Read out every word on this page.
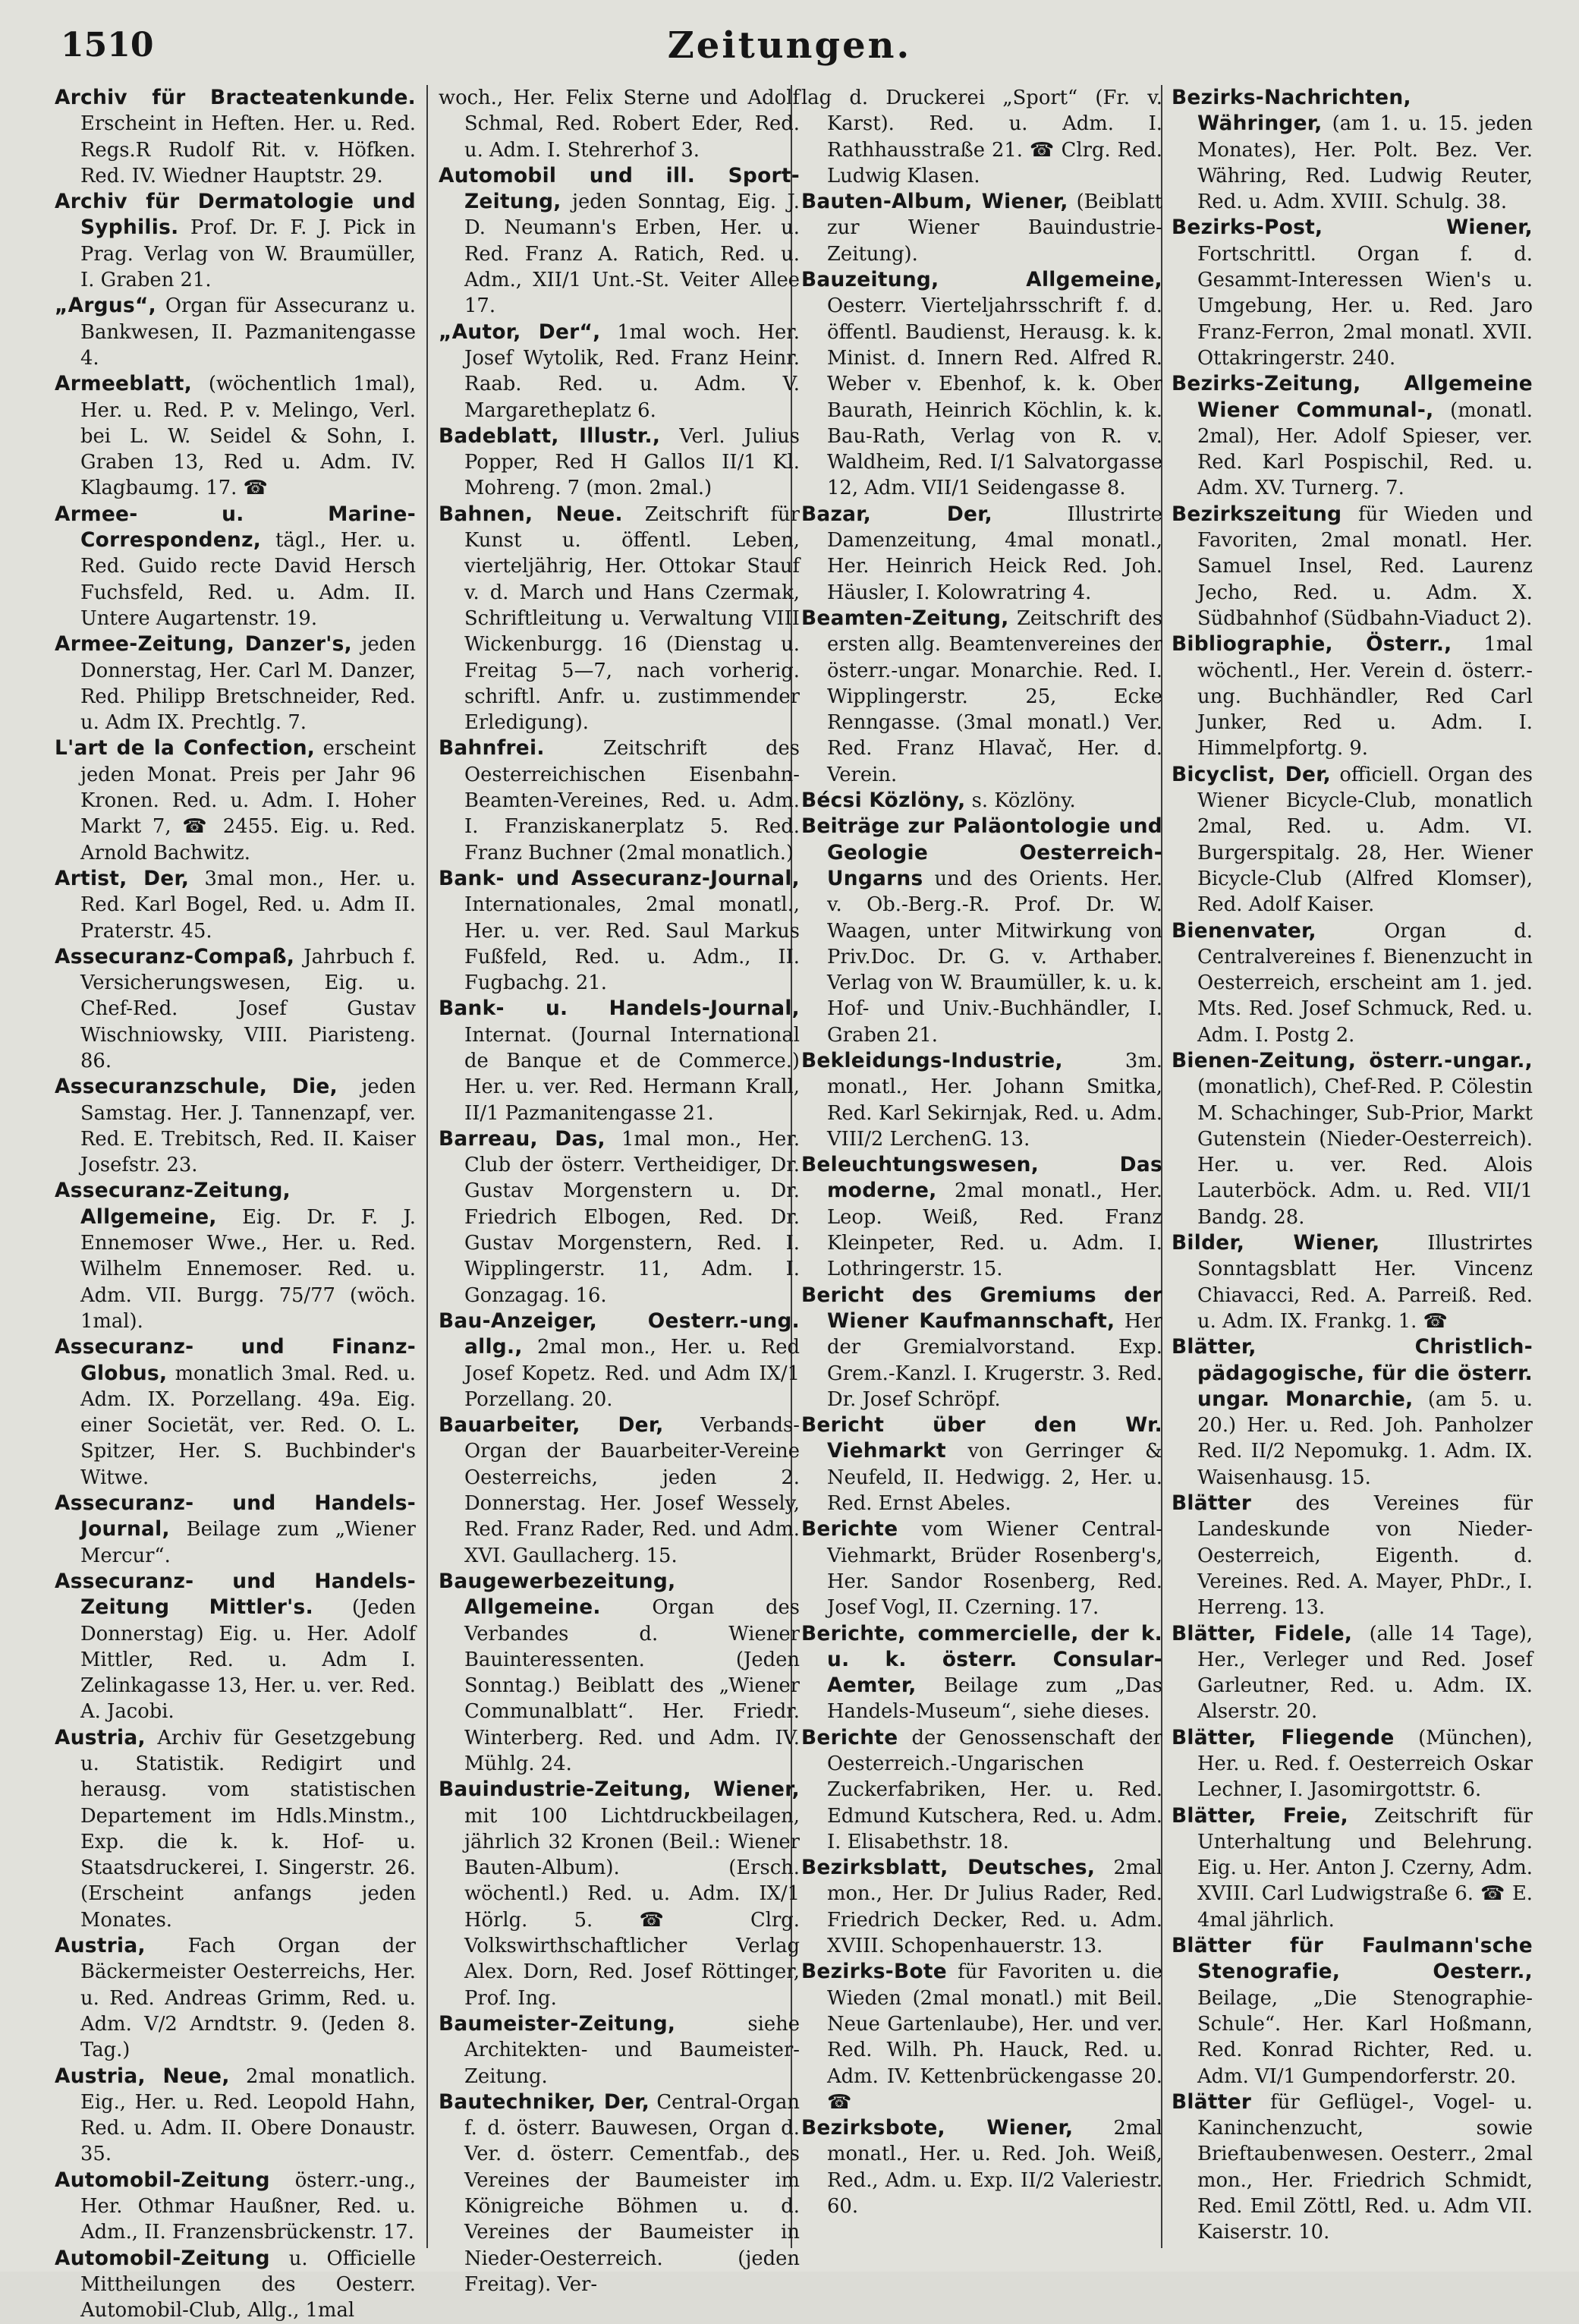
1510	Zeitungen.
Archiv für Bracteatenkunde. Erscheint in Heften. Her. u. Red. Regs.R Rudolf Rit. v. Höfken. Red. IV. Wiedner Hauptstr. 29.
Archiv für Dermatologie und Syphilis. Prof. Dr. F. J. Pick in Prag. Verlag von W. Braumüller, I. Graben 21.
„Argus“, Organ für Assecuranz u. Bankwesen, II. Pazmanitengasse 4.
Armeeblatt, (wöchentlich 1mal), Her. u. Red. P. v. Melingo, Verl. bei L. W. Seidel & Sohn, I. Graben 13, Red u. Adm. IV. Klagbaumg. 17. ☎
Armee- u. Marine-Correspondenz, tägl., Her. u. Red. Guido recte David Hersch Fuchsfeld, Red. u. Adm. II. Untere Augartenstr. 19.
Armee-Zeitung, Danzer's, jeden Donnerstag, Her. Carl M. Danzer, Red. Philipp Bretschneider, Red. u. Adm IX. Prechtlg. 7.
L'art de la Confection, erscheint jeden Monat. Preis per Jahr 96 Kronen. Red. u. Adm. I. Hoher Markt 7, ☎ 2455. Eig. u. Red. Arnold Bachwitz.
Artist, Der, 3mal mon., Her. u. Red. Karl Bogel, Red. u. Adm II. Praterstr. 45.
Assecuranz-Compaß, Jahrbuch f. Versicherungswesen, Eig. u. Chef-Red. Josef Gustav Wischniowsky, VIII. Piaristeng. 86.
Assecuranzschule, Die, jeden Samstag. Her. J. Tannenzapf, ver. Red. E. Trebitsch, Red. II. Kaiser Josefstr. 23.
Assecuranz-Zeitung, Allgemeine, Eig. Dr. F. J. Ennemoser Wwe., Her. u. Red. Wilhelm Ennemoser. Red. u. Adm. VII. Burgg. 75/77 (wöch. 1mal).
Assecuranz- und Finanz-Globus, monatlich 3mal. Red. u. Adm. IX. Porzellang. 49a. Eig. einer Societät, ver. Red. O. L. Spitzer, Her. S. Buchbinder's Witwe.
Assecuranz- und Handels-Journal, Beilage zum „Wiener Mercur“.
Assecuranz- und Handels-Zeitung Mittler's. (Jeden Donnerstag) Eig. u. Her. Adolf Mittler, Red. u. Adm I. Zelinkagasse 13, Her. u. ver. Red. A. Jacobi.
Austria, Archiv für Gesetzgebung u. Statistik. Redigirt und herausg. vom statistischen Departement im Hdls.Minstm., Exp. die k. k. Hof- u. Staatsdruckerei, I. Singerstr. 26. (Erscheint anfangs jeden Monates.
Austria, Fach Organ der Bäckermeister Oesterreichs, Her. u. Red. Andreas Grimm, Red. u. Adm. V/2 Arndtstr. 9. (Jeden 8. Tag.)
Austria, Neue, 2mal monatlich. Eig., Her. u. Red. Leopold Hahn, Red. u. Adm. II. Obere Donaustr. 35.
Automobil-Zeitung österr.-ung., Her. Othmar Haußner, Red. u. Adm., II. Franzensbrückenstr. 17.
Automobil-Zeitung u. Officielle Mittheilungen des Oesterr. Automobil-Club, Allg., 1mal
woch., Her. Felix Sterne und Adolf Schmal, Red. Robert Eder, Red. u. Adm. I. Stehrerhof 3.
Automobil und ill. Sport-Zeitung, jeden Sonntag, Eig. J. D. Neumann's Erben, Her. u. Red. Franz A. Ratich, Red. u. Adm., XII/1 Unt.-St. Veiter Allee 17.
„Autor, Der“, 1mal woch. Her. Josef Wytolik, Red. Franz Heinr. Raab. Red. u. Adm. V. Margaretheplatz 6.
Badeblatt, Illustr., Verl. Julius Popper, Red H Gallos II/1 Kl. Mohreng. 7 (mon. 2mal.)
Bahnen, Neue. Zeitschrift für Kunst u. öffentl. Leben, vierteljährig, Her. Ottokar Stauf v. d. March und Hans Czermak, Schriftleitung u. Verwaltung VIII Wickenburgg. 16 (Dienstag u. Freitag 5—7, nach vorherig. schriftl. Anfr. u. zustimmender Erledigung).
Bahnfrei.	Zeitschrift des Oesterreichischen Eisenbahn-Beamten-Vereines, Red. u. Adm. I. Franziskanerplatz 5. Red. Franz Buchner (2mal monatlich.)
Bank- und Assecuranz-Journal, Internationales, 2mal monatl., Her. u. ver. Red. Saul Markus Fußfeld, Red. u. Adm., II. Fugbachg. 21.
Bank- u. Handels-Journal, Internat. (Journal International de Banque et de Commerce.) Her. u. ver. Red. Hermann Krall, II/1 Pazmanitengasse 21.
Barreau, Das, 1mal mon., Her. Club der österr. Vertheidiger, Dr. Gustav Morgenstern u. Dr. Friedrich Elbogen, Red. Dr. Gustav Morgenstern, Red. I. Wipplingerstr. 11, Adm. I. Gonzagag. 16.
Bau-Anzeiger, Oesterr.-ung. allg., 2mal mon., Her. u. Red Josef Kopetz. Red. und Adm IX/1 Porzellang. 20.
Bauarbeiter, Der, Verbands-Organ der Bauarbeiter-Vereine Oesterreichs, jeden 2. Donnerstag. Her. Josef Wessely, Red. Franz Rader, Red. und Adm. XVI. Gaullacherg. 15.
Baugewerbezeitung, Allgemeine.	Organ des Verbandes d. Wiener Bauinteressenten. (Jeden Sonntag.) Beiblatt des „Wiener Communalblatt“. Her. Friedr. Winterberg. Red. und Adm. IV. Mühlg. 24.
Bauindustrie-Zeitung, Wiener, mit 100 Lichtdruckbeilagen, jährlich 32 Kronen (Beil.: Wiener Bauten-Album). (Ersch. wöchentl.) Red. u. Adm. IX/1 Hörlg. 5. ☎ Clrg. Volkswirthschaftlicher Verlag Alex. Dorn, Red. Josef Röttinger, Prof. Ing.
Baumeister-Zeitung,	siehe Architekten- und Baumeister-Zeitung.
Bautechniker, Der, Central-Organ f. d. österr. Bauwesen, Organ d. Ver. d. österr. Cementfab., des Vereines der Baumeister im Königreiche Böhmen u. d. Vereines der Baumeister in Nieder-Oesterreich. (jeden Freitag). Ver-
lag d. Druckerei „Sport“ (Fr. v. Karst). Red. u. Adm. I. Rathhausstraße 21. ☎ Clrg. Red. Ludwig Klasen.
Bauten-Album, Wiener, (Beiblatt zur Wiener Bauindustrie-Zeitung).
Bauzeitung, Allgemeine, Oesterr. Vierteljahrsschrift f. d. öffentl. Baudienst, Herausg. k. k. Minist. d. Innern Red. Alfred R. Weber v. Ebenhof, k. k. Ober Baurath, Heinrich Köchlin, k. k. Bau-Rath, Verlag von R. v. Waldheim, Red. I/1 Salvatorgasse 12, Adm. VII/1 Seidengasse 8.
Bazar, Der,	Illustrirte Damenzeitung, 4mal monatl., Her. Heinrich Heick Red. Joh. Häusler, I. Kolowratring 4.
Beamten-Zeitung, Zeitschrift des ersten allg. Beamtenvereines der österr.-ungar. Monarchie. Red. I. Wipplingerstr. 25, Ecke Renngasse. (3mal monatl.) Ver. Red. Franz Hlavač, Her. d. Verein.
Bécsi Közlöny, s. Közlöny.
Beiträge zur Paläontologie und Geologie Oesterreich-Ungarns und des Orients. Her. v. Ob.-Berg.-R. Prof. Dr. W. Waagen, unter Mitwirkung von Priv.Doc. Dr. G. v. Arthaber. Verlag von W. Braumüller, k. u. k. Hof- und Univ.-Buchhändler, I. Graben 21.
Bekleidungs-Industrie,	3m. monatl., Her. Johann Smitka, Red. Karl Sekirnjak, Red. u. Adm. VIII/2 LerchenG. 13.
Beleuchtungswesen, Das moderne, 2mal monatl., Her. Leop. Weiß, Red. Franz Kleinpeter, Red. u. Adm. I. Lothringerstr. 15.
Bericht des Gremiums der Wiener Kaufmannschaft, Her der Gremialvorstand. Exp. Grem.-Kanzl. I. Krugerstr. 3. Red. Dr. Josef Schröpf.
Bericht über den Wr. Viehmarkt von Gerringer & Neufeld, II. Hedwigg. 2, Her. u. Red. Ernst Abeles.
Berichte vom Wiener Central-Viehmarkt, Brüder Rosenberg's, Her. Sandor Rosenberg, Red. Josef Vogl, II. Czerning. 17.
Berichte, commercielle, der k. u. k. österr. Consular-Aemter, Beilage zum „Das Handels-Museum“, siehe dieses.
Berichte der Genossenschaft der Oesterreich.-Ungarischen Zuckerfabriken, Her. u. Red. Edmund Kutschera, Red. u. Adm. I. Elisabethstr. 18.
Bezirksblatt, Deutsches, 2mal mon., Her. Dr Julius Rader, Red. Friedrich Decker, Red. u. Adm. XVIII. Schopenhauerstr. 13.
Bezirks-Bote für Favoriten u. die Wieden (2mal monatl.) mit Beil. Neue Gartenlaube), Her. und ver. Red. Wilh. Ph. Hauck, Red. u. Adm. IV. Kettenbrückengasse 20. ☎
Bezirksbote, Wiener, 2mal monatl., Her. u. Red. Joh. Weiß, Red., Adm. u. Exp. II/2 Valeriestr. 60.
Bezirks-Nachrichten, Währinger, (am 1. u. 15. jeden Monates), Her. Polt. Bez. Ver. Währing, Red. Ludwig Reuter, Red. u. Adm. XVIII. Schulg. 38.
Bezirks-Post, Wiener, Fortschrittl. Organ f. d. Gesammt-Interessen Wien's u. Umgebung, Her. u. Red. Jaro Franz-Ferron, 2mal monatl. XVII. Ottakringerstr. 240.
Bezirks-Zeitung, Allgemeine Wiener Communal-, (monatl. 2mal), Her. Adolf Spieser, ver. Red. Karl Pospischil, Red. u. Adm. XV. Turnerg. 7.
Bezirkszeitung für Wieden und Favoriten, 2mal monatl. Her. Samuel Insel, Red. Laurenz Jecho, Red. u. Adm. X. Südbahnhof (Südbahn-Viaduct 2).
Bibliographie, Österr., 1mal wöchentl., Her. Verein d. österr.-ung. Buchhändler, Red Carl Junker, Red u. Adm. I. Himmelpfortg. 9.
Bicyclist, Der, officiell. Organ des Wiener Bicycle-Club, monatlich 2mal, Red. u. Adm. VI. Burgerspitalg. 28, Her. Wiener Bicycle-Club (Alfred Klomser), Red. Adolf Kaiser.
Bienenvater,	Organ d. Centralvereines f. Bienenzucht in Oesterreich, erscheint am 1. jed. Mts. Red. Josef Schmuck, Red. u. Adm. I. Postg 2.
Bienen-Zeitung, österr.-ungar., (monatlich), Chef-Red. P. Cölestin M. Schachinger, Sub-Prior, Markt Gutenstein (Nieder-Oesterreich). Her. u. ver. Red. Alois Lauterböck. Adm. u. Red. VII/1 Bandg. 28.
Bilder, Wiener, Illustrirtes Sonntagsblatt Her. Vincenz Chiavacci, Red. A. Parreiß. Red. u. Adm. IX. Frankg. 1. ☎
Blätter, Christlich-pädagogische, für die österr. ungar. Monarchie, (am 5. u. 20.) Her. u. Red. Joh. Panholzer Red. II/2 Nepomukg. 1. Adm. IX. Waisenhausg. 15.
Blätter des Vereines für Landeskunde von Nieder-Oesterreich, Eigenth. d. Vereines. Red. A. Mayer, PhDr., I. Herreng. 13.
Blätter, Fidele, (alle 14 Tage), Her., Verleger und Red. Josef Garleutner, Red. u. Adm. IX. Alserstr. 20.
Blätter, Fliegende (München), Her. u. Red. f. Oesterreich Oskar Lechner, I. Jasomirgottstr. 6.
Blätter, Freie, Zeitschrift für Unterhaltung und Belehrung. Eig. u. Her. Anton J. Czerny, Adm. XVIII. Carl Ludwigstraße 6. ☎ E. 4mal jährlich.
Blätter für Faulmann'sche Stenografie, Oesterr., Beilage, „Die Stenographie-Schule“. Her. Karl Hoßmann, Red. Konrad Richter, Red. u. Adm. VI/1 Gumpendorferstr. 20.
Blätter für Geflügel-, Vogel- u. Kaninchenzucht, sowie Brieftaubenwesen. Oesterr., 2mal mon., Her. Friedrich Schmidt, Red. Emil Zöttl, Red. u. Adm VII. Kaiserstr. 10.
